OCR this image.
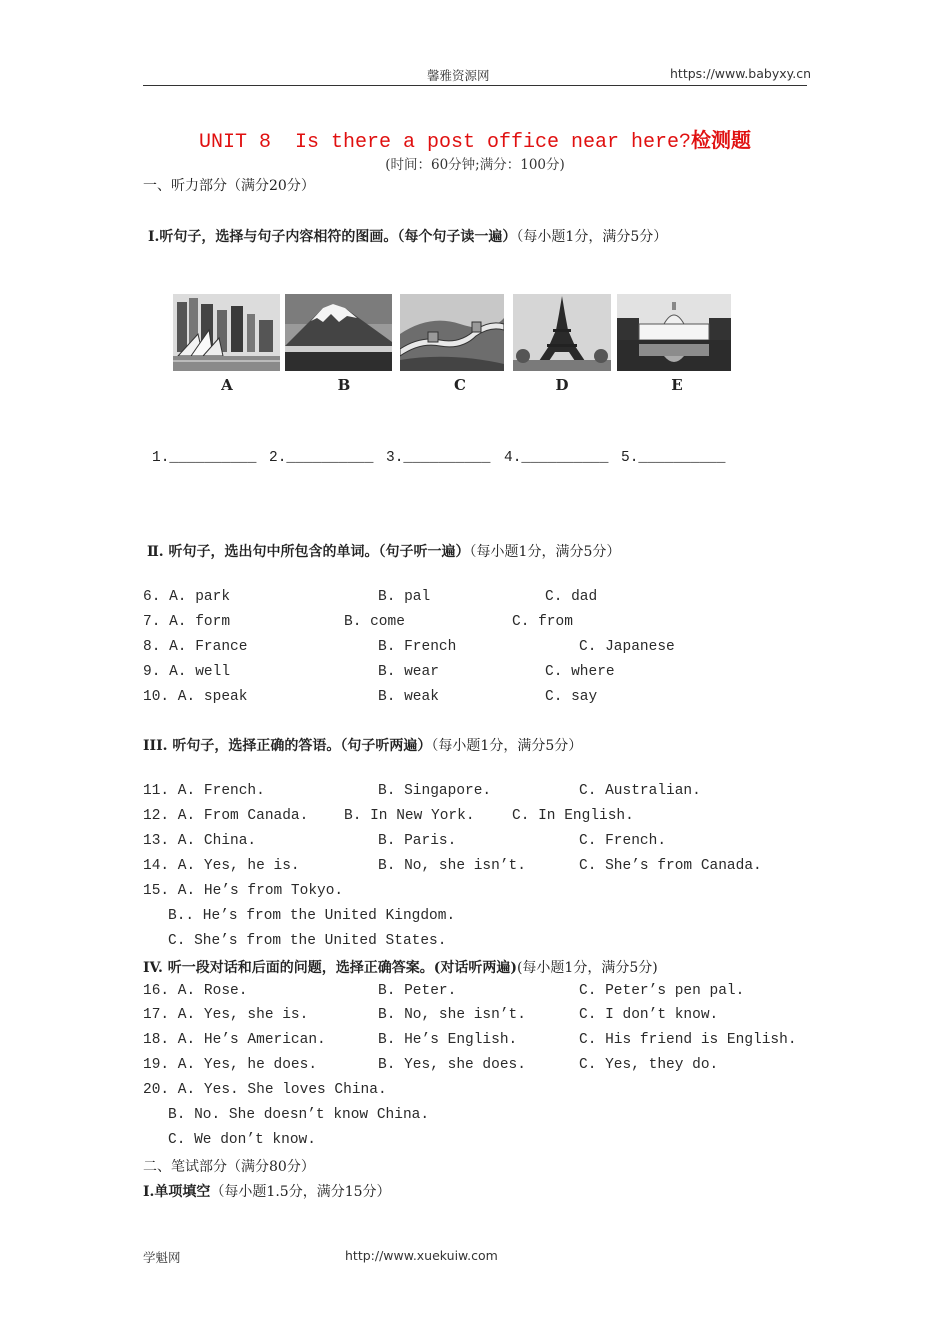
馨雅资源网	https://www.babyxy.cn
UNIT 8  Is there a post office near here?检测题
(时间：60分钟;满分：100分)
一、听力部分（满分20分）
Ⅰ.听句子，选择与句子内容相符的图画。（每个句子读一遍）（每小题1分，满分5分）
A	B	C	D	E
1.__________ 2.__________ 3.__________ 4.__________ 5.__________
Ⅱ. 听句子，选出句中所包含的单词。（句子听一遍）（每小题1分，满分5分）
6. A. park	B. pal	C. dad
7. A. form	B. come	C. from
8. A. France	B. French	C. Japanese
9. A. well	B. wear	C. where
10. A. speak	B. weak	C. say
III. 听句子，选择正确的答语。（句子听两遍）（每小题1分，满分5分）
11. A. French.	B. Singapore.	C. Australian.
12. A. From Canada. B. In New York.	C. In English.
13. A. China.	B. Paris.	C. French.
14. A. Yes, he is.	B. No, she isn’t.	C. She’s from Canada.
15. A. He’s from Tokyo.
B.. He’s from the United Kingdom.
C. She’s from the United States.
IV. 听一段对话和后面的问题，选择正确答案。(对话听两遍)(每小题1分，满分5分)
16. A. Rose.	B. Peter.	C. Peter’s pen pal.
17. A. Yes, she is.	B. No, she isn’t.	C. I don’t know.
18. A. He’s American.	B. He’s English.	C. His friend is English.
19. A. Yes, he does.	B. Yes, she does.	C. Yes, they do.
20. A. Yes. She loves China.
B. No. She doesn’t know China.
C. We don’t know.
二、笔试部分（满分80分）
Ⅰ.单项填空（每小题1.5分，满分15分）
学魁网	http://www.xuekuiw.com
